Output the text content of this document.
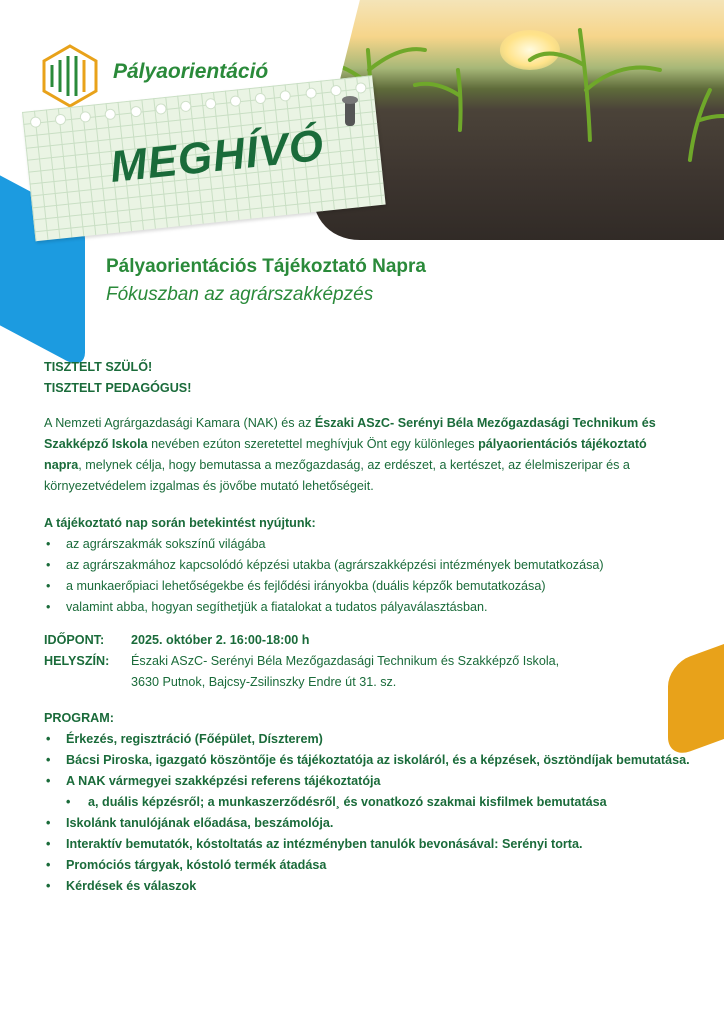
Pályaorientáció
MEGHÍVÓ
Pályaorientációs Tájékoztató Napra
Fókuszban az agrárszakképzés
TISZTELT SZÜLŐ!
TISZTELT PEDAGÓGUS!
A Nemzeti Agrárgazdasági Kamara (NAK) és az Északi ASzC- Serényi Béla Mezőgazdasági Technikum és Szakképző Iskola nevében ezúton szeretettel meghívjuk Önt egy különleges pályaorientációs tájékoztató napra, melynek célja, hogy bemutassa a mezőgazdaság, az erdészet, a kertészet, az élelmiszeripar és a környezetvédelem izgalmas és jövőbe mutató lehetőségeit.
A tájékoztató nap során betekintést nyújtunk:
• az agrárszakmák sokszínű világába
• az agrárszakmához kapcsolódó képzési utakba (agrárszakképzési intézmények bemutatkozása)
• a munkaerőpiaci lehetőségekbe és fejlődési irányokba (duális képzők bemutatkozása)
• valamint abba, hogyan segíthetjük a fiatalokat a tudatos pályaválasztásban.
IDŐPONT:	2025. október 2. 16:00-18:00 h
HELYSZÍN:	Északi ASzC- Serényi Béla Mezőgazdasági Technikum és Szakképző Iskola,
3630 Putnok, Bajcsy-Zsilinszky Endre út 31. sz.
PROGRAM:
• Érkezés, regisztráció (Főépület, Díszterem)
• Bácsi Piroska, igazgató köszöntője és tájékoztatója az iskoláról, és a képzések, ösztöndíjak bemutatása.
• A NAK vármegyei szakképzési referens tájékoztatója
• a, duális képzésről; a munkaszerződésről¸ és vonatkozó szakmai kisfilmek bemutatása
• Iskolánk tanulójának előadása, beszámolója.
• Interaktív bemutatók, kóstoltatás az intézményben tanulók bevonásával: Serényi torta.
• Promóciós tárgyak, kóstoló termék átadása
• Kérdések és válaszok
